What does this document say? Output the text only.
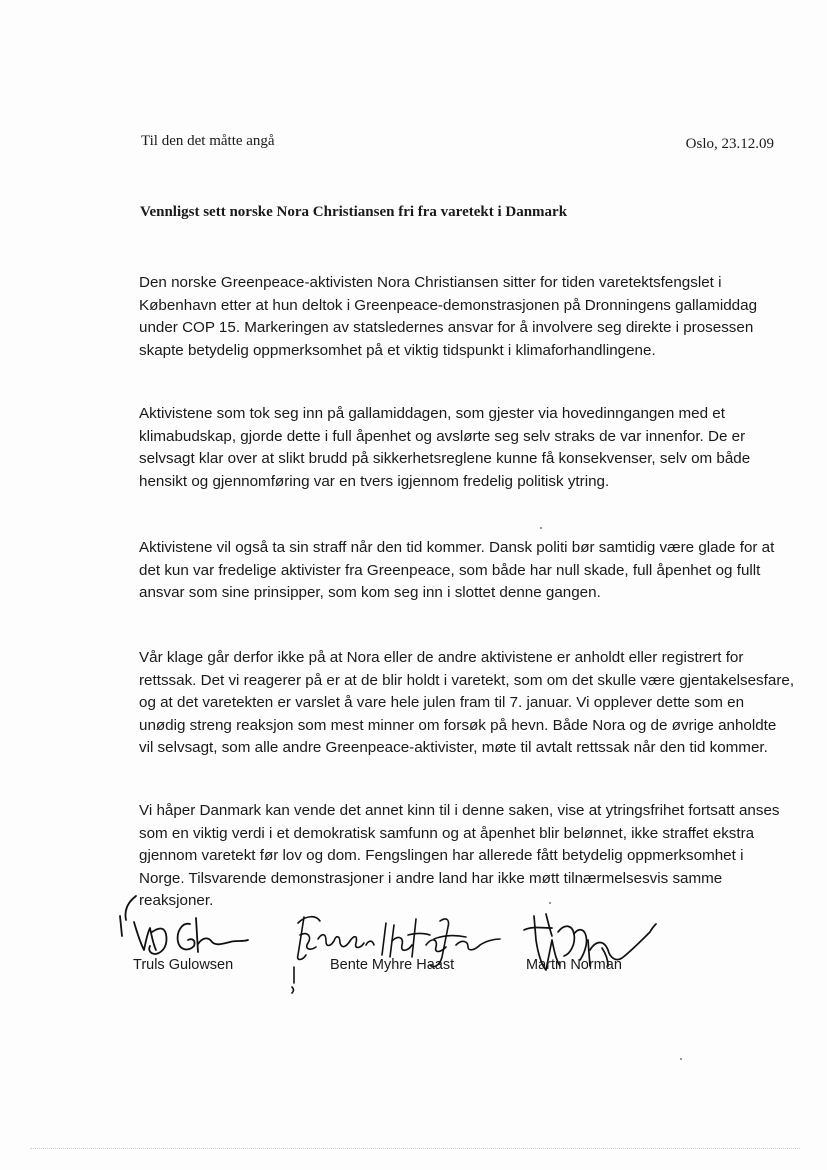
Til den det måtte angå	Oslo, 23.12.09
Vennligst sett norske Nora Christiansen fri fra varetekt i Danmark
Den norske Greenpeace-aktivisten Nora Christiansen sitter for tiden varetektsfengslet i
København etter at hun deltok i Greenpeace-demonstrasjonen på Dronningens gallamiddag
under COP 15. Markeringen av statsledernes ansvar for å involvere seg direkte i prosessen
skapte betydelig oppmerksomhet på et viktig tidspunkt i klimaforhandlingene.
Aktivistene som tok seg inn på gallamiddagen, som gjester via hovedinngangen med et
klimabudskap, gjorde dette i full åpenhet og avslørte seg selv straks de var innenfor. De er
selvsagt klar over at slikt brudd på sikkerhetsreglene kunne få konsekvenser, selv om både
hensikt og gjennomføring var en tvers igjennom fredelig politisk ytring.
Aktivistene vil også ta sin straff når den tid kommer. Dansk politi bør samtidig være glade for at
det kun var fredelige aktivister fra Greenpeace, som både har null skade, full åpenhet og fullt
ansvar som sine prinsipper, som kom seg inn i slottet denne gangen.
Vår klage går derfor ikke på at Nora eller de andre aktivistene er anholdt eller registrert for
rettssak. Det vi reagerer på er at de blir holdt i varetekt, som om det skulle være gjentakelsesfare,
og at det varetekten er varslet å vare hele julen fram til 7. januar. Vi opplever dette som en
unødig streng reaksjon som mest minner om forsøk på hevn. Både Nora og de øvrige anholdte
vil selvsagt, som alle andre Greenpeace-aktivister, møte til avtalt rettssak når den tid kommer.
Vi håper Danmark kan vende det annet kinn til i denne saken, vise at ytringsfrihet fortsatt anses
som en viktig verdi i et demokratisk samfunn og at åpenhet blir belønnet, ikke straffet ekstra
gjennom varetekt før lov og dom. Fengslingen har allerede fått betydelig oppmerksomhet i
Norge. Tilsvarende demonstrasjoner i andre land har ikke møtt tilnærmelsesvis samme
reaksjoner.
Truls Gulowsen	Bente Myhre Haast	Martin Norman
